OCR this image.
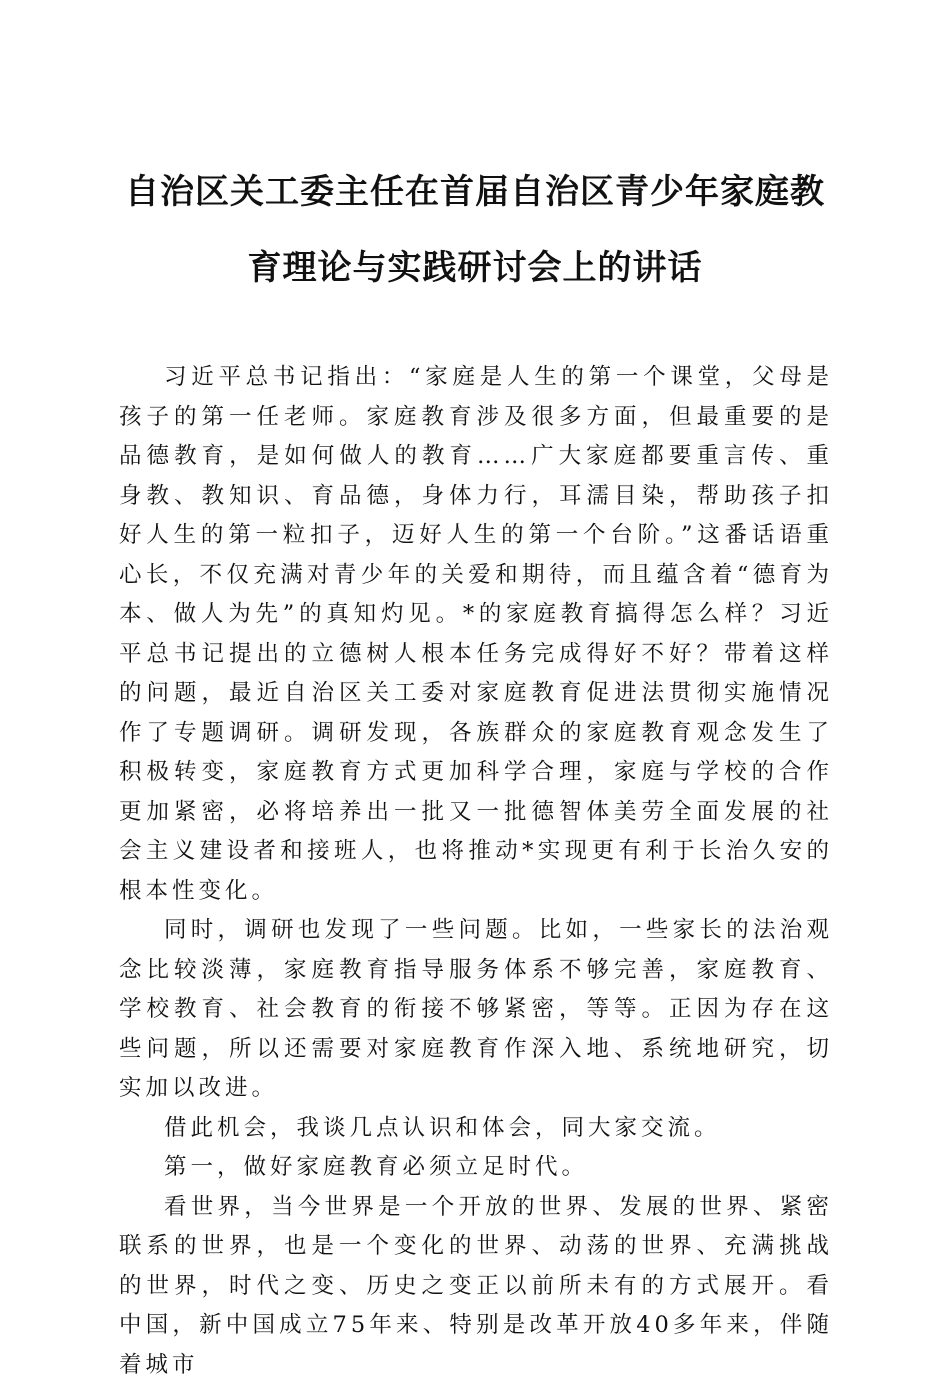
自治区关工委主任在首届自治区青少年家庭教
育理论与实践研讨会上的讲话

习近平总书记指出：“家庭是人生的第一个课堂，父母是孩子的第一任老师。家庭教育涉及很多方面，但最重要的是品德教育，是如何做人的教育……广大家庭都要重言传、重身教、教知识、育品德，身体力行，耳濡目染，帮助孩子扣好人生的第一粒扣子，迈好人生的第一个台阶。”这番话语重心长，不仅充满对青少年的关爱和期待，而且蕴含着“德育为本、做人为先”的真知灼见。*的家庭教育搞得怎么样？习近平总书记提出的立德树人根本任务完成得好不好？带着这样的问题，最近自治区关工委对家庭教育促进法贯彻实施情况作了专题调研。调研发现，各族群众的家庭教育观念发生了积极转变，家庭教育方式更加科学合理，家庭与学校的合作更加紧密，必将培养出一批又一批德智体美劳全面发展的社会主义建设者和接班人，也将推动*实现更有利于长治久安的根本性变化。

同时，调研也发现了一些问题。比如，一些家长的法治观念比较淡薄，家庭教育指导服务体系不够完善，家庭教育、学校教育、社会教育的衔接不够紧密，等等。正因为存在这些问题，所以还需要对家庭教育作深入地、系统地研究，切实加以改进。

借此机会，我谈几点认识和体会，同大家交流。

第一，做好家庭教育必须立足时代。

看世界，当今世界是一个开放的世界、发展的世界、紧密联系的世界，也是一个变化的世界、动荡的世界、充满挑战的世界，时代之变、历史之变正以前所未有的方式展开。看中国，新中国成立75年来、特别是改革开放40多年来，伴随着城市
